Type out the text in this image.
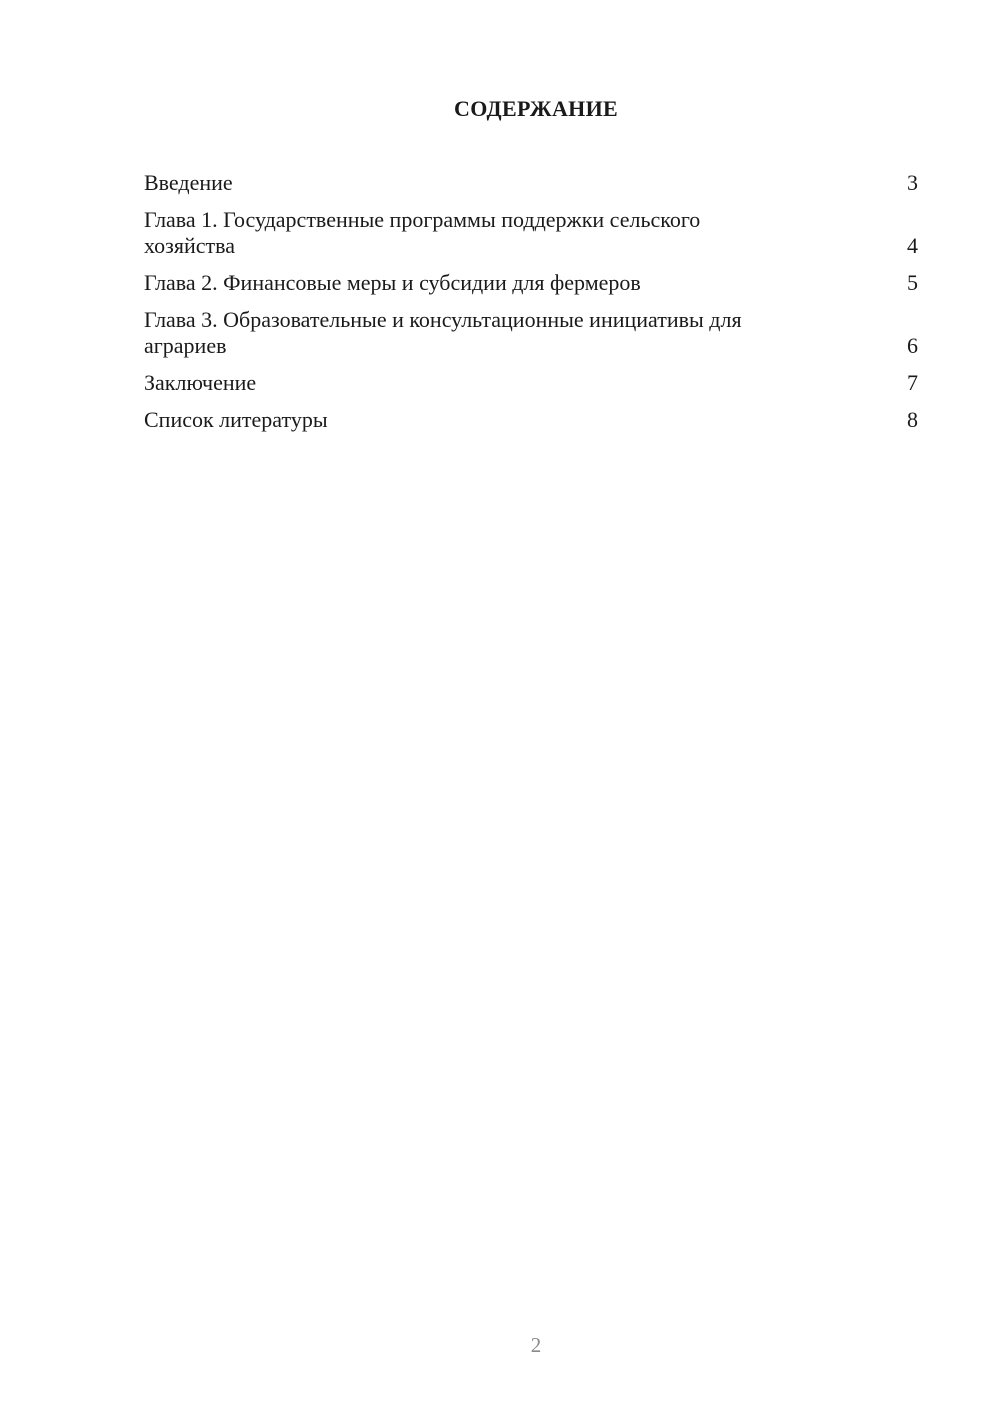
СОДЕРЖАНИЕ
Введение	3
Глава 1. Государственные программы поддержки сельского хозяйства	4
Глава 2. Финансовые меры и субсидии для фермеров	5
Глава 3. Образовательные и консультационные инициативы для аграриев	6
Заключение	7
Список литературы	8
2
